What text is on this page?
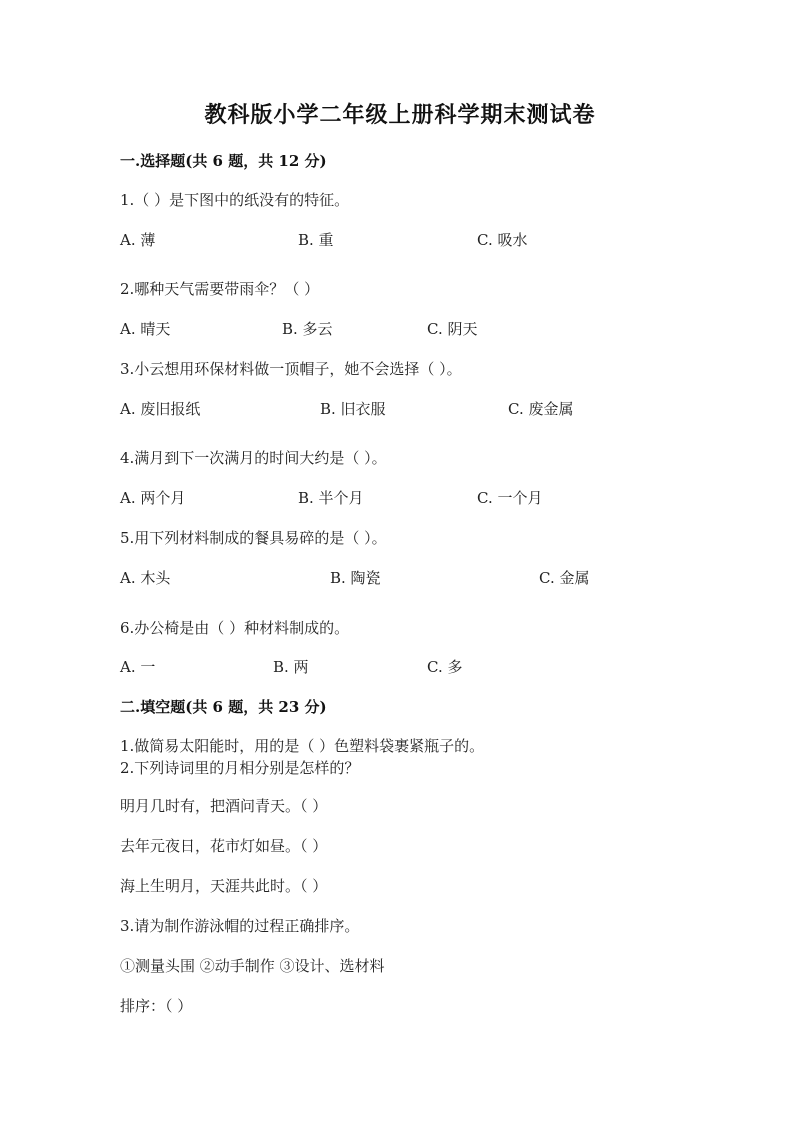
教科版小学二年级上册科学期末测试卷
一.选择题(共 6 题，共 12 分)
1.（ ）是下图中的纸没有的特征。
A. 薄	B. 重	C. 吸水
2.哪种天气需要带雨伞？（ ）
A. 晴天	B. 多云	C. 阴天
3.小云想用环保材料做一顶帽子，她不会选择（ ）。
A. 废旧报纸	B. 旧衣服	C. 废金属
4.满月到下一次满月的时间大约是（ ）。
A. 两个月	B. 半个月	C. 一个月
5.用下列材料制成的餐具易碎的是（ ）。
A. 木头	B. 陶瓷	C. 金属
6.办公椅是由（ ）种材料制成的。
A. 一	B. 两	C. 多
二.填空题(共 6 题，共 23 分)
1.做简易太阳能时，用的是（ ）色塑料袋裹紧瓶子的。
2.下列诗词里的月相分别是怎样的？
明月几时有，把酒问青天。（ ）
去年元夜日，花市灯如昼。（ ）
海上生明月，天涯共此时。（ ）
3.请为制作游泳帽的过程正确排序。
①测量头围 ②动手制作 ③设计、选材料
排序：（ ）
